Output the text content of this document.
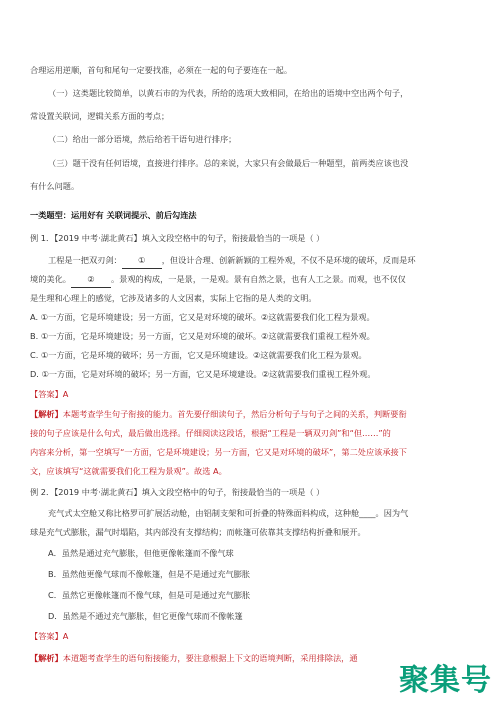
合理运用逆顺，首句和尾句一定要找准，必须在一起的句子要连在一起。
（一）这类题比较简单，以黄石市的为代表，所给的选项大致相同，在给出的语境中空出两个句子，
常设置关联词，逻辑关系方面的考点；
（二）给出一部分语境，然后给若干语句进行排序；
（三）题干没有任何语境，直接进行排序。总的来说，大家只有会做最后一种题型，前两类应该也没
有什么问题。
一类题型：运用好有 关联词提示、前后勾连法
例 1．【2019 中考·湖北黄石】填入文段空格中的句子，衔接最恰当的一项是（ ）
工程是一把双刃剑： ① ，但设计合理、创新新颖的工程外观，不仅不是环境的破坏，反而是环
境的美化。 ② 。景观的构成，一是景，一是观。景有自然之景，也有人工之景。而观，也不仅仅
是生理和心理上的感觉，它涉及诸多的人文因素，实际上它指的是人类的文明。
A. ①一方面，它是环境建设；另一方面，它又是对环境的破坏。②这就需要我们化工程为景观。
B. ①一方面，它是环境建设；另一方面，它又是对环境的破坏。②这就需要我们重视工程外观。
C. ①一方面，它是环境的破坏；另一方面，它又是环境建设。②这就需要我们化工程为景观。
D. ①一方面，它是对环境的破坏；另一方面，它又是环境建设。②这就需要我们重视工程外观。
【答案】A
【解析】本题考查学生句子衔接的能力。首先要仔细读句子，然后分析句子与句子之间的关系，判断要衔
接的句子应该是什么句式，最后做出选择。仔细阅读这段话，根据“工程是一辆双刃剑”和“但……”的
内容来分析，第一空填写“一方面，它是环境建设；另一方面，它又是对环境的破坏”，第二处应该承接下
文，应该填写“这就需要我们化工程为景观”。故选 A。
例 2．【2019 中考·湖北黄石】填入文段空格中的句子，衔接最恰当的一项是（ ）
充气式太空舱又称比格罗可扩展活动舱，由铝制支架和可折叠的特殊面料构成，这种舱____。因为气
球是充气式膨胀，漏气时塌陷，其内部没有支撑结构；而帐篷可依靠其支撑结构折叠和展开。
A．虽然是通过充气膨胀，但他更像帐篷而不像气球
B．虽然他更像气球而不像帐篷，但是不是通过充气膨胀
C．虽然它更像帐篷而不像气球，但是可是通过充气膨胀
D．虽然是不通过充气膨胀，但它更像气球而不像帐篷
【答案】A
【解析】本道题考查学生的语句衔接能力，要注意根据上下文的语境判断，采用排除法，通
聚集号
